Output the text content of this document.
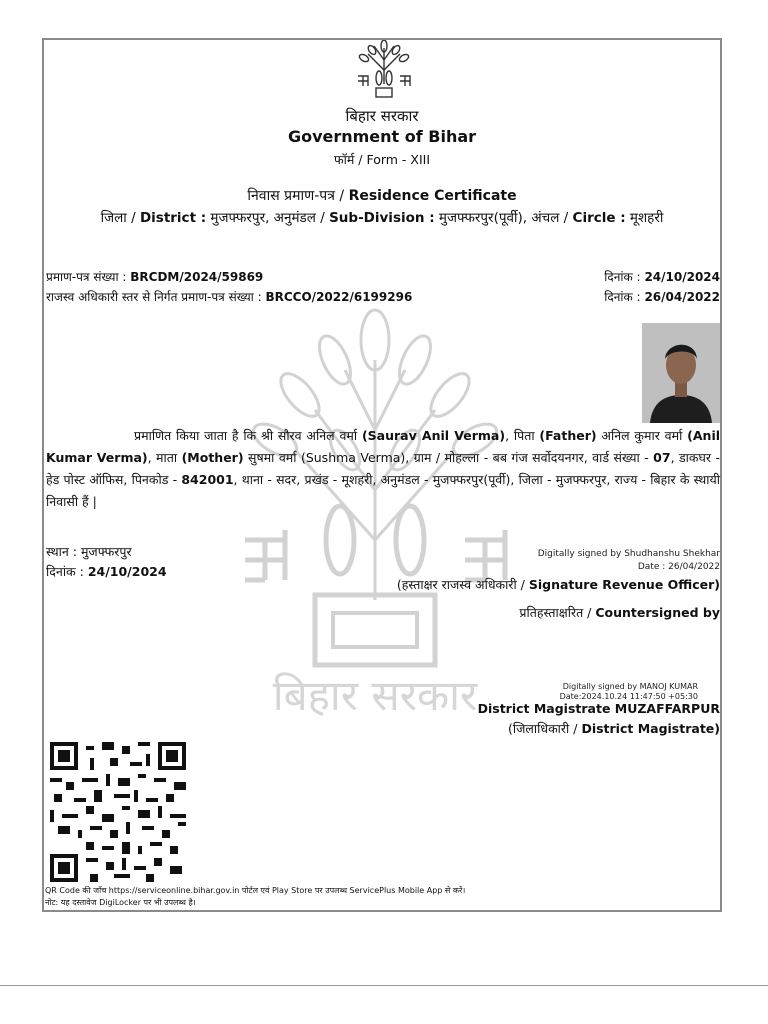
बिहार सरकार
बिहार सरकार
Government of Bihar
फॉर्म / Form - XIII
निवास प्रमाण-पत्र / Residence Certificate
जिला / District : मुजफ्फरपुर, अनुमंडल / Sub-Division : मुजफ्फरपुर(पूर्वी), अंचल / Circle : मूशहरी
प्रमाण-पत्र संख्या : BRCDM/2024/59869
राजस्व अधिकारी स्तर से निर्गत प्रमाण-पत्र संख्या : BRCCO/2022/6199296
दिनांक : 24/10/2024
दिनांक : 26/04/2022
प्रमाणित किया जाता है कि श्री सौरव अनिल वर्मा (Saurav Anil Verma), पिता (Father) अनिल कुमार वर्मा (Anil Kumar Verma), माता (Mother) सुषमा वर्मा (Sushma Verma), ग्राम / मोहल्ला - बब गंज सर्वोदयनगर, वार्ड संख्या - 07, डाकघर - हेड पोस्ट ऑफिस, पिनकोड - 842001, थाना - सदर, प्रखंड - मूशहरी, अनुमंडल - मुजफ्फरपुर(पूर्वी), जिला - मुजफ्फरपुर, राज्य - बिहार के स्थायी निवासी हैं |
स्थान : मुजफ्फरपुर
दिनांक : 24/10/2024
Digitally signed by Shudhanshu Shekhar
Date : 26/04/2022
(हस्ताक्षर राजस्व अधिकारी / Signature Revenue Officer)
प्रतिहस्ताक्षरित / Countersigned by
Digitally signed by MANOJ KUMAR
Date:2024.10.24 11:47:50 +05:30
District Magistrate MUZAFFARPUR
(जिलाधिकारी / District Magistrate)
QR Code की जाँच https://serviceonline.bihar.gov.in पोर्टल एवं Play Store पर उपलब्ध ServicePlus Mobile App से करें।
नोट: यह दस्तावेज DigiLocker पर भी उपलब्ध है।
